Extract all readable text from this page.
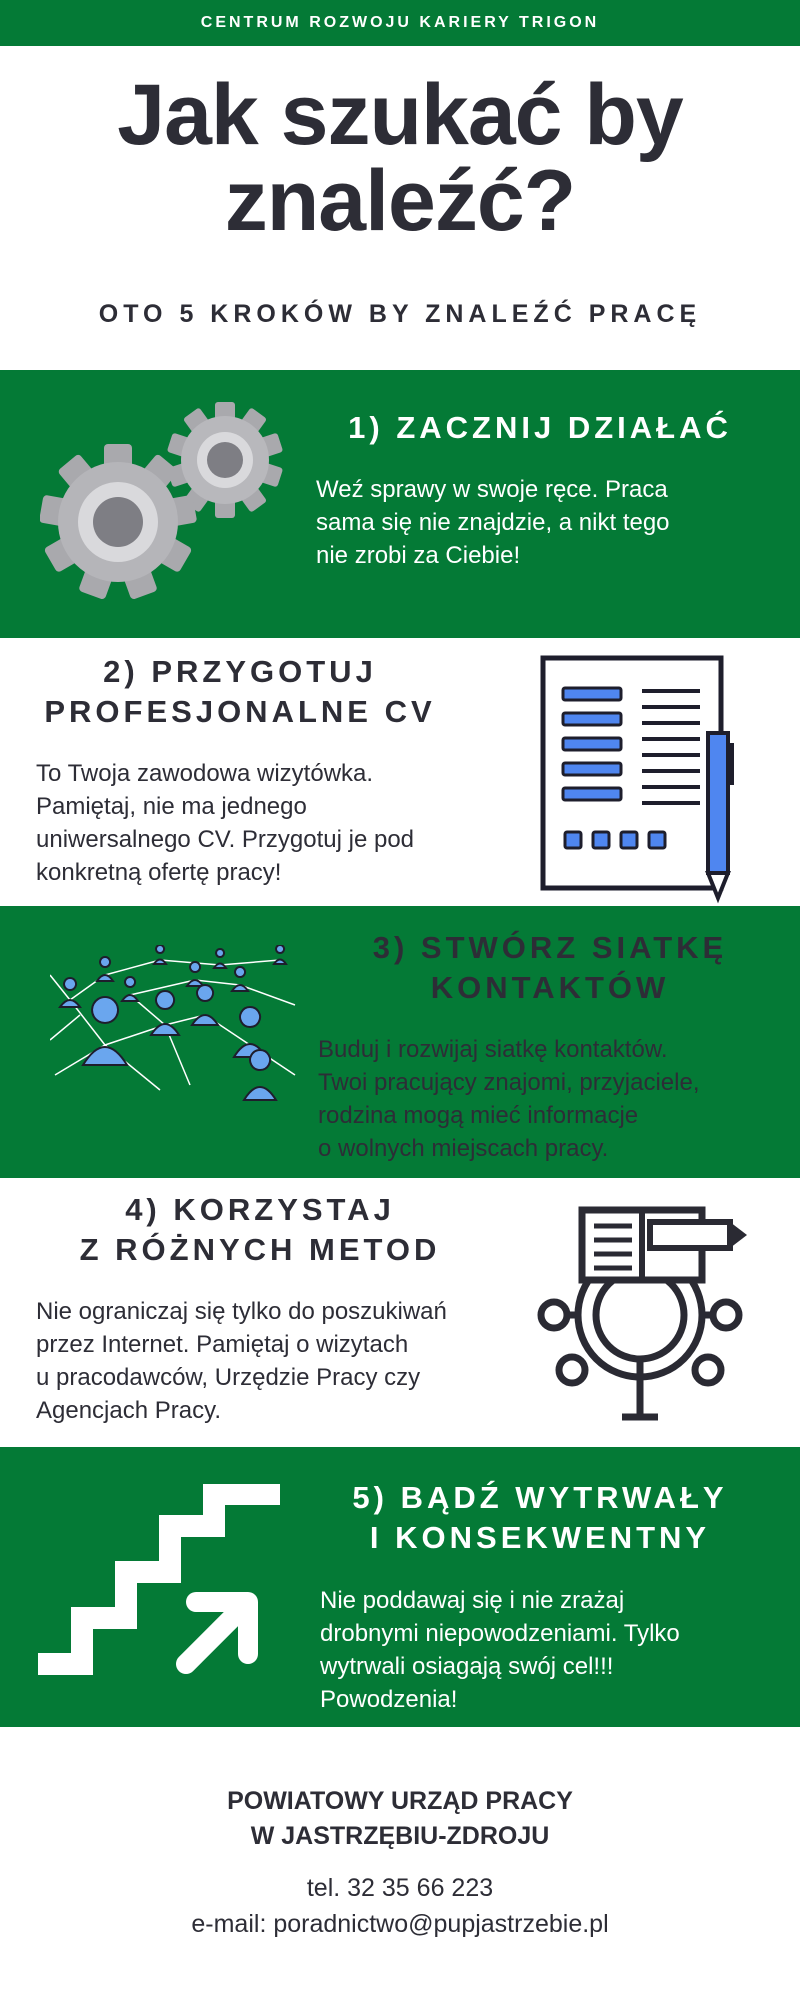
CENTRUM ROZWOJU KARIERY TRIGON
Jak szukać by
znaleźć?
OTO 5 KROKÓW BY ZNALEŹĆ PRACĘ
1) ZACZNIJ DZIAŁAĆ
Weź sprawy w swoje ręce. Praca
sama się nie znajdzie, a nikt tego
nie zrobi za Ciebie!
2) PRZYGOTUJ
PROFESJONALNE CV
To Twoja zawodowa wizytówka.
Pamiętaj, nie ma jednego
uniwersalnego CV. Przygotuj je pod
konkretną ofertę pracy!
3) STWÓRZ SIATKĘ
KONTAKTÓW
Buduj i rozwijaj siatkę kontaktów.
Twoi pracujący znajomi, przyjaciele,
rodzina mogą mieć informacje
o wolnych miejscach pracy.
4) KORZYSTAJ
Z RÓŻNYCH METOD
Nie ograniczaj się tylko do poszukiwań
przez Internet. Pamiętaj o wizytach
u pracodawców, Urzędzie Pracy czy
Agencjach Pracy.
5) BĄDŹ WYTRWAŁY
I KONSEKWENTNY
Nie poddawaj się i nie zrażaj
drobnymi niepowodzeniami. Tylko
wytrwali osiagają swój cel!!!
Powodzenia!
POWIATOWY URZĄD PRACY
W JASTRZĘBIU-ZDROJU
tel. 32 35 66 223
e-mail: poradnictwo@pupjastrzebie.pl
